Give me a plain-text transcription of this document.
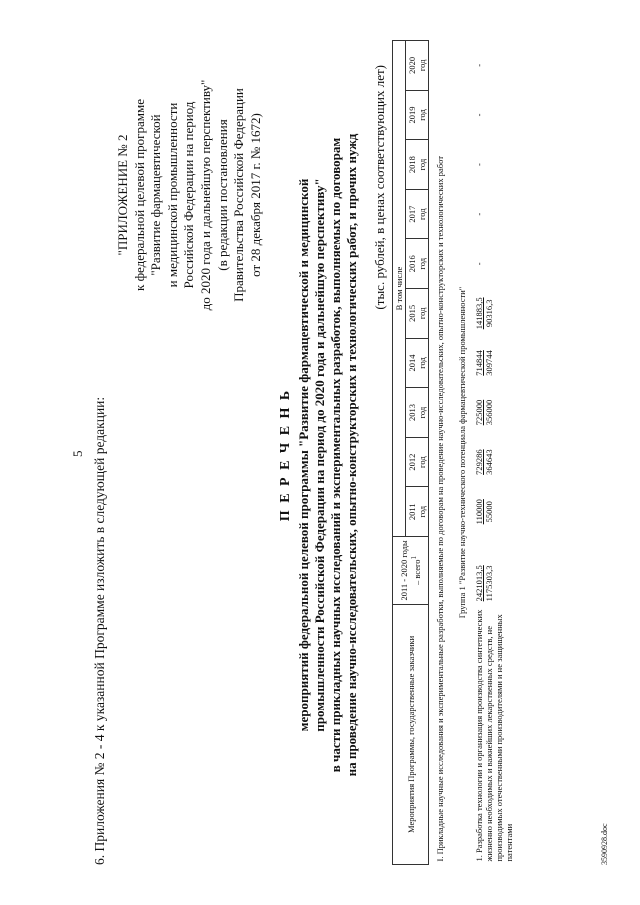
5 6. Приложения № 2 - 4 к указанной Программе изложить в следующей редакции:
"ПРИЛОЖЕНИЕ № 2 к федеральной целевой программе "Развитие фармацевтической и медицинской промышленности Российской Федерации на период до 2020 года и дальнейшую перспективу" (в редакции постановления Правительства Российской Федерации от 28 декабря 2017 г. № 1672)
П Е Р Е Ч Е Н Ь мероприятий федеральной целевой программы "Развитие фармацевтической и медицинской промышленности Российской Федерации на период до 2020 года и дальнейшую перспективу" в части прикладных научных исследований и экспериментальных разработок, выполняемых по договорам на проведение научно-исследовательских, опытно-конструкторских и технологических работ, и прочих нужд (тыс. рублей, в ценах соответствующих лет)
Мероприятия Программы, государственные заказчики	2011 - 2020 годы – всего$^1$	В том числе									

		2011 год	2012 год	2013 год	2014 год	2015 год	2016 год	2017 год	2018 год	2019 год	2020 год

I. Прикладные научные исследования и экспериментальные разработки, выполняемые по договорам на проведение научно-исследовательских, опытно-конструкторских и технологических работ											
Группа 1 "Развитие научно-технического потенциала фармацевтической промышленности"											
1. Разработка технологии и организация производства синтетических жизненно необходимых и важнейших лекарственных средств, не производимых отечественными производителями и не защищенных патентами	2421013,5 1175303,3	110000 55000	729286 364643	725000 356000	714844 309744	141883,5 90316,3	-	-	-	-	-
3590928.doc
